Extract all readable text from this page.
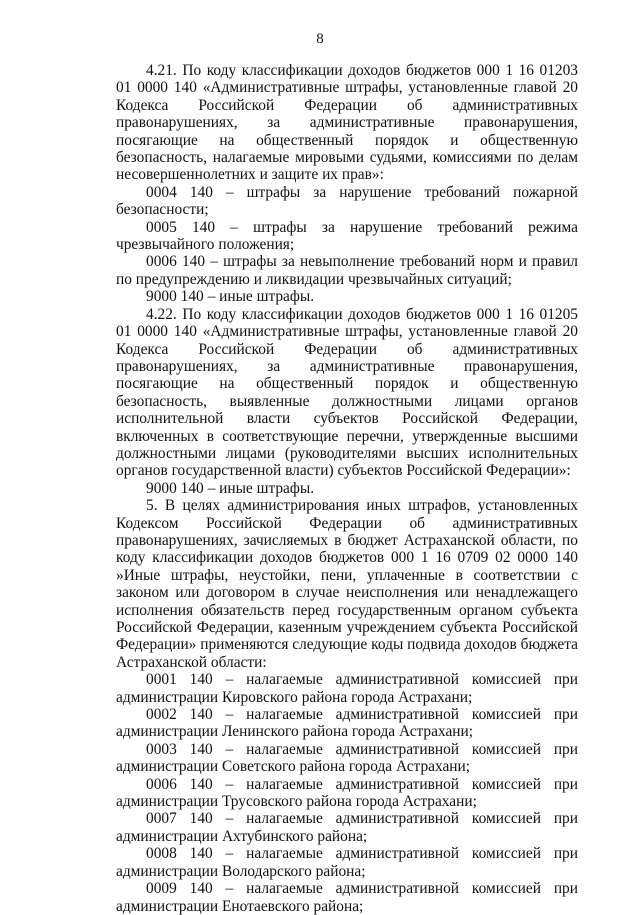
8

4.21. По кодy классификации доходов бюджетов 000 1 16 01203 01 0000 140 «Административные штрафы, установленные главой 20 Кодекса Российской Федерации об административных правонарушениях, за административные правонарушения, посягающие на общественный порядок и общественную безопасность, налагаемые мировыми судьями, комиссиями по делам несовершеннолетних и защите их прав»:

0004 140 – штрафы за нарушение требований пожарной безопасности;

0005 140 – штрафы за нарушение требований режима чрезвычайного положения;

0006 140 – штрафы за невыполнение требований норм и правил по предупреждению и ликвидации чрезвычайных ситуаций;

9000 140 – иные штрафы.

4.22. По кодy классификации доходов бюджетов 000 1 16 01205 01 0000 140 «Административные штрафы, установленные главой 20 Кодекса Российской Федерации об административных правонарушениях, за административные правонарушения, посягающие на общественный порядок и общественную безопасность, выявленные должностными лицами органов исполнительной власти субъектов Российской Федерации, включенных в соответствующие перечни, утвержденные высшими должностными лицами (руководителями высших исполнительных органов государственной власти) субъектов Российской Федерации»:

9000 140 – иные штрафы.

5. В целях администрирования иных штрафов, установленных Кодексом Российской Федерации об административных правонарушениях, зачисляемых в бюджет Астраханской области, по коду классификации доходов бюджетов 000 1 16 0709 02 0000 140 »Иные штрафы, неустойки, пени, уплаченные в соответствии с законом или договором в случае неисполнения или ненадлежащего исполнения обязательств перед государственным органом субъекта Российской Федерации, казенным учреждением субъекта Российской Федерации» применяются следующие коды подвида доходов бюджета Астраханской области:

0001 140 – налагаемые административной комиссией при администрации Кировского района города Астрахани;

0002 140 – налагаемые административной комиссией при администрации Ленинского района города Астрахани;

0003 140 – налагаемые административной комиссией при администрации Советского района города Астрахани;

0006 140 – налагаемые административной комиссией при администрации Трусовского района города Астрахани;

0007 140 – налагаемые административной комиссией при администрации Ахтубинского района;

0008 140 – налагаемые административной комиссией при администрации Володарского района;

0009 140 – налагаемые административной комиссией при администрации Енотаевского района;
